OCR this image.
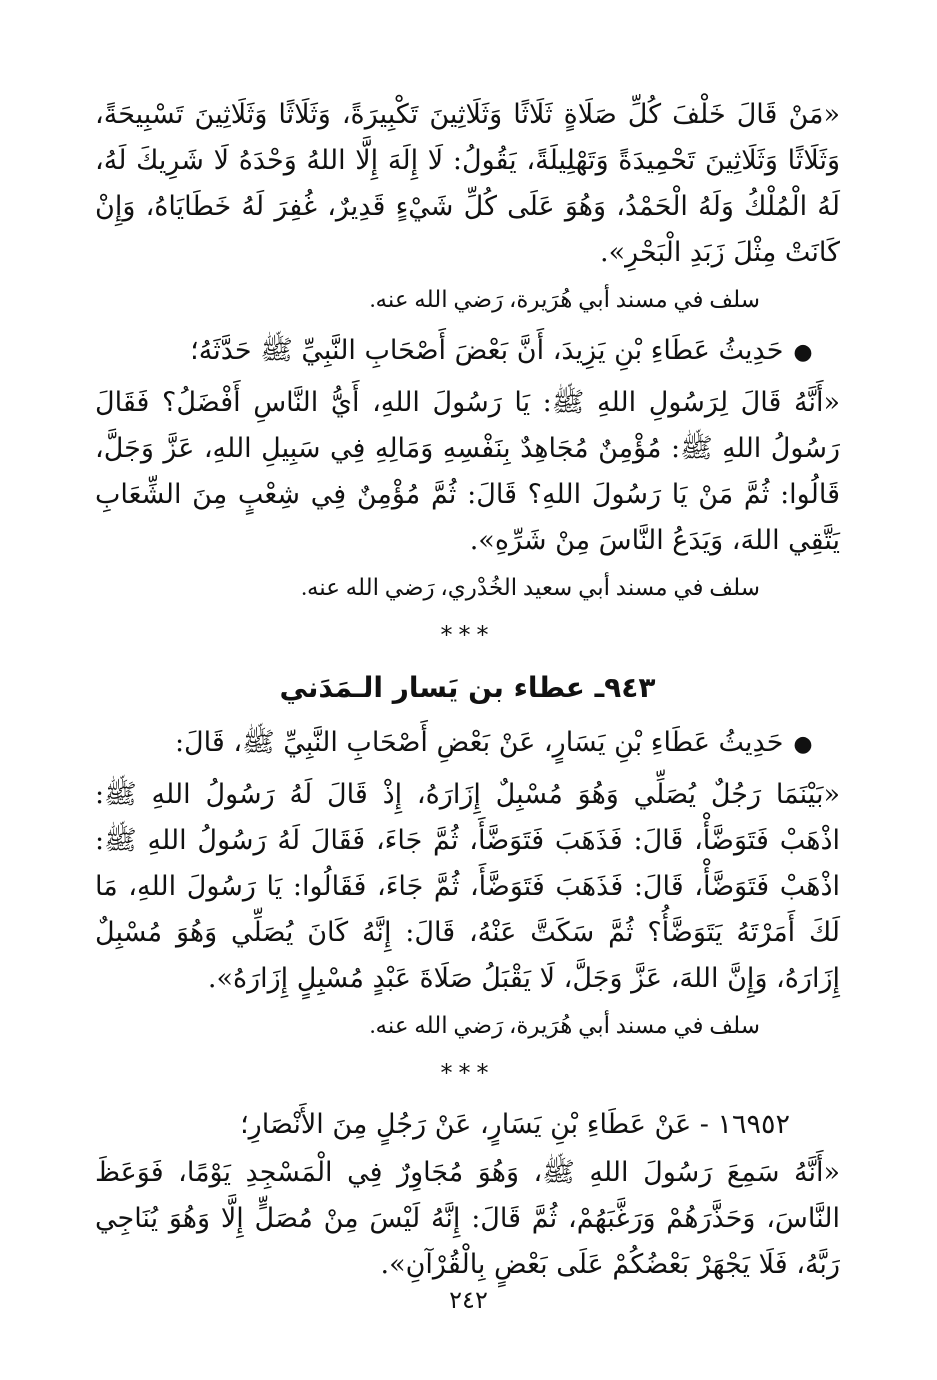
«مَنْ قَالَ خَلْفَ كُلِّ صَلَاةٍ ثَلَاثًا وَثَلَاثِينَ تَكْبِيرَةً، وَثَلَاثًا وَثَلَاثِينَ تَسْبِيحَةً، وَثَلَاثًا وَثَلَاثِينَ تَحْمِيدَةً وَتَهْلِيلَةً، يَقُولُ: لَا إِلَهَ إِلَّا اللهُ وَحْدَهُ لَا شَرِيكَ لَهُ، لَهُ الْمُلْكُ وَلَهُ الْحَمْدُ، وَهُوَ عَلَى كُلِّ شَيْءٍ قَدِيرٌ، غُفِرَ لَهُ خَطَايَاهُ، وَإِنْ كَانَتْ مِثْلَ زَبَدِ الْبَحْرِ».

سلف في مسند أبي هُرَيرة، رَضي الله عنه.
● حَدِيثُ عَطَاءِ بْنِ يَزِيدَ، أَنَّ بَعْضَ أَصْحَابِ النَّبِيِّ ﷺ حَدَّثَهُ؛

«أَنَّهُ قَالَ لِرَسُولِ اللهِ ﷺ: يَا رَسُولَ اللهِ، أَيُّ النَّاسِ أَفْضَلُ؟ فَقَالَ رَسُولُ اللهِ ﷺ: مُؤْمِنٌ مُجَاهِدٌ بِنَفْسِهِ وَمَالِهِ فِي سَبِيلِ اللهِ، عَزَّ وَجَلَّ، قَالُوا: ثُمَّ مَنْ يَا رَسُولَ اللهِ؟ قَالَ: ثُمَّ مُؤْمِنٌ فِي شِعْبٍ مِنَ الشِّعَابِ يَتَّقِي اللهَ، وَيَدَعُ النَّاسَ مِنْ شَرِّهِ».

سلف في مسند أبي سعيد الخُدْري، رَضي الله عنه.
***
٩٤٣ـ عطاء بن يَسار الـمَدَني
● حَدِيثُ عَطَاءِ بْنِ يَسَارٍ، عَنْ بَعْضِ أَصْحَابِ النَّبِيِّ ﷺ، قَالَ:

«بَيْنَمَا رَجُلٌ يُصَلِّي وَهُوَ مُسْبِلٌ إِزَارَهُ، إِذْ قَالَ لَهُ رَسُولُ اللهِ ﷺ: اذْهَبْ فَتَوَضَّأْ، قَالَ: فَذَهَبَ فَتَوَضَّأَ، ثُمَّ جَاءَ، فَقَالَ لَهُ رَسُولُ اللهِ ﷺ: اذْهَبْ فَتَوَضَّأْ، قَالَ: فَذَهَبَ فَتَوَضَّأَ، ثُمَّ جَاءَ، فَقَالُوا: يَا رَسُولَ اللهِ، مَا لَكَ أَمَرْتَهُ يَتَوَضَّأُ؟ ثُمَّ سَكَتَّ عَنْهُ، قَالَ: إِنَّهُ كَانَ يُصَلِّي وَهُوَ مُسْبِلٌ إِزَارَهُ، وَإِنَّ اللهَ، عَزَّ وَجَلَّ، لَا يَقْبَلُ صَلَاةَ عَبْدٍ مُسْبِلٍ إِزَارَهُ».

سلف في مسند أبي هُرَيرة، رَضي الله عنه.
***
١٦٩٥٢ - عَنْ عَطَاءِ بْنِ يَسَارٍ، عَنْ رَجُلٍ مِنَ الأَنْصَارِ؛

«أَنَّهُ سَمِعَ رَسُولَ اللهِ ﷺ، وَهُوَ مُجَاوِرٌ فِي الْمَسْجِدِ يَوْمًا، فَوَعَظَ النَّاسَ، وَحَذَّرَهُمْ وَرَغَّبَهُمْ، ثُمَّ قَالَ: إِنَّهُ لَيْسَ مِنْ مُصَلٍّ إِلَّا وَهُوَ يُنَاجِي رَبَّهُ، فَلَا يَجْهَرْ بَعْضُكُمْ عَلَى بَعْضٍ بِالْقُرْآنِ».

٢٤٢
